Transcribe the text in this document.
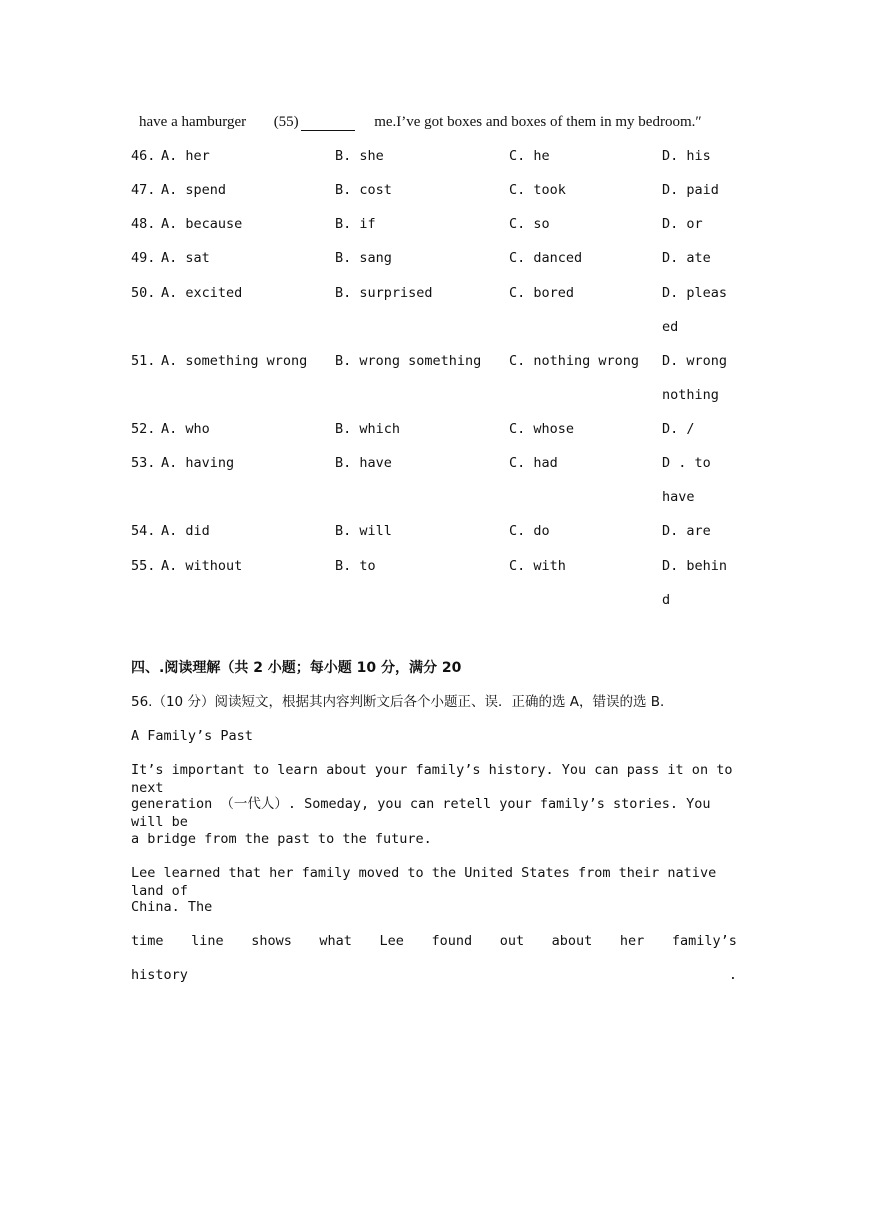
have a hamburger (55)	me.I’ve got boxes and boxes of them in my bedroom.″
46. A. her	B. she	C. he	D. his
47. A. spend	B. cost	C. took	D. paid
48. A. because	B. if	C. so	D. or
49. A. sat	B. sang	C. danced	D. ate
50. A. excited	B. surprised	C. bored	D. pleas
ed
51. A. something wrong B. wrong something C. nothing wrong D. wrong
nothing
52. A. who	B. which	C. whose	D. /
53. A. having	B. have	C. had	D . to
have
54. A. did	B. will	C. do	D. are
55. A. without	B. to	C. with	D. behin
d
四、.阅读理解（共 2 小题；每小题 10 分，满分 20
56.（10 分）阅读短文，根据其内容判断文后各个小题正、误．正确的选 A，错误的选 B．
A Family’s Past
It’s important to learn about your family’s history. You can pass it on to next
generation （一代人）. Someday, you can retell your family’s stories. You will be
a bridge from the past to the future.
Lee learned that her family moved to the United States from their native land of
China. The
time line shows what Lee found out about her family’s
history	.
